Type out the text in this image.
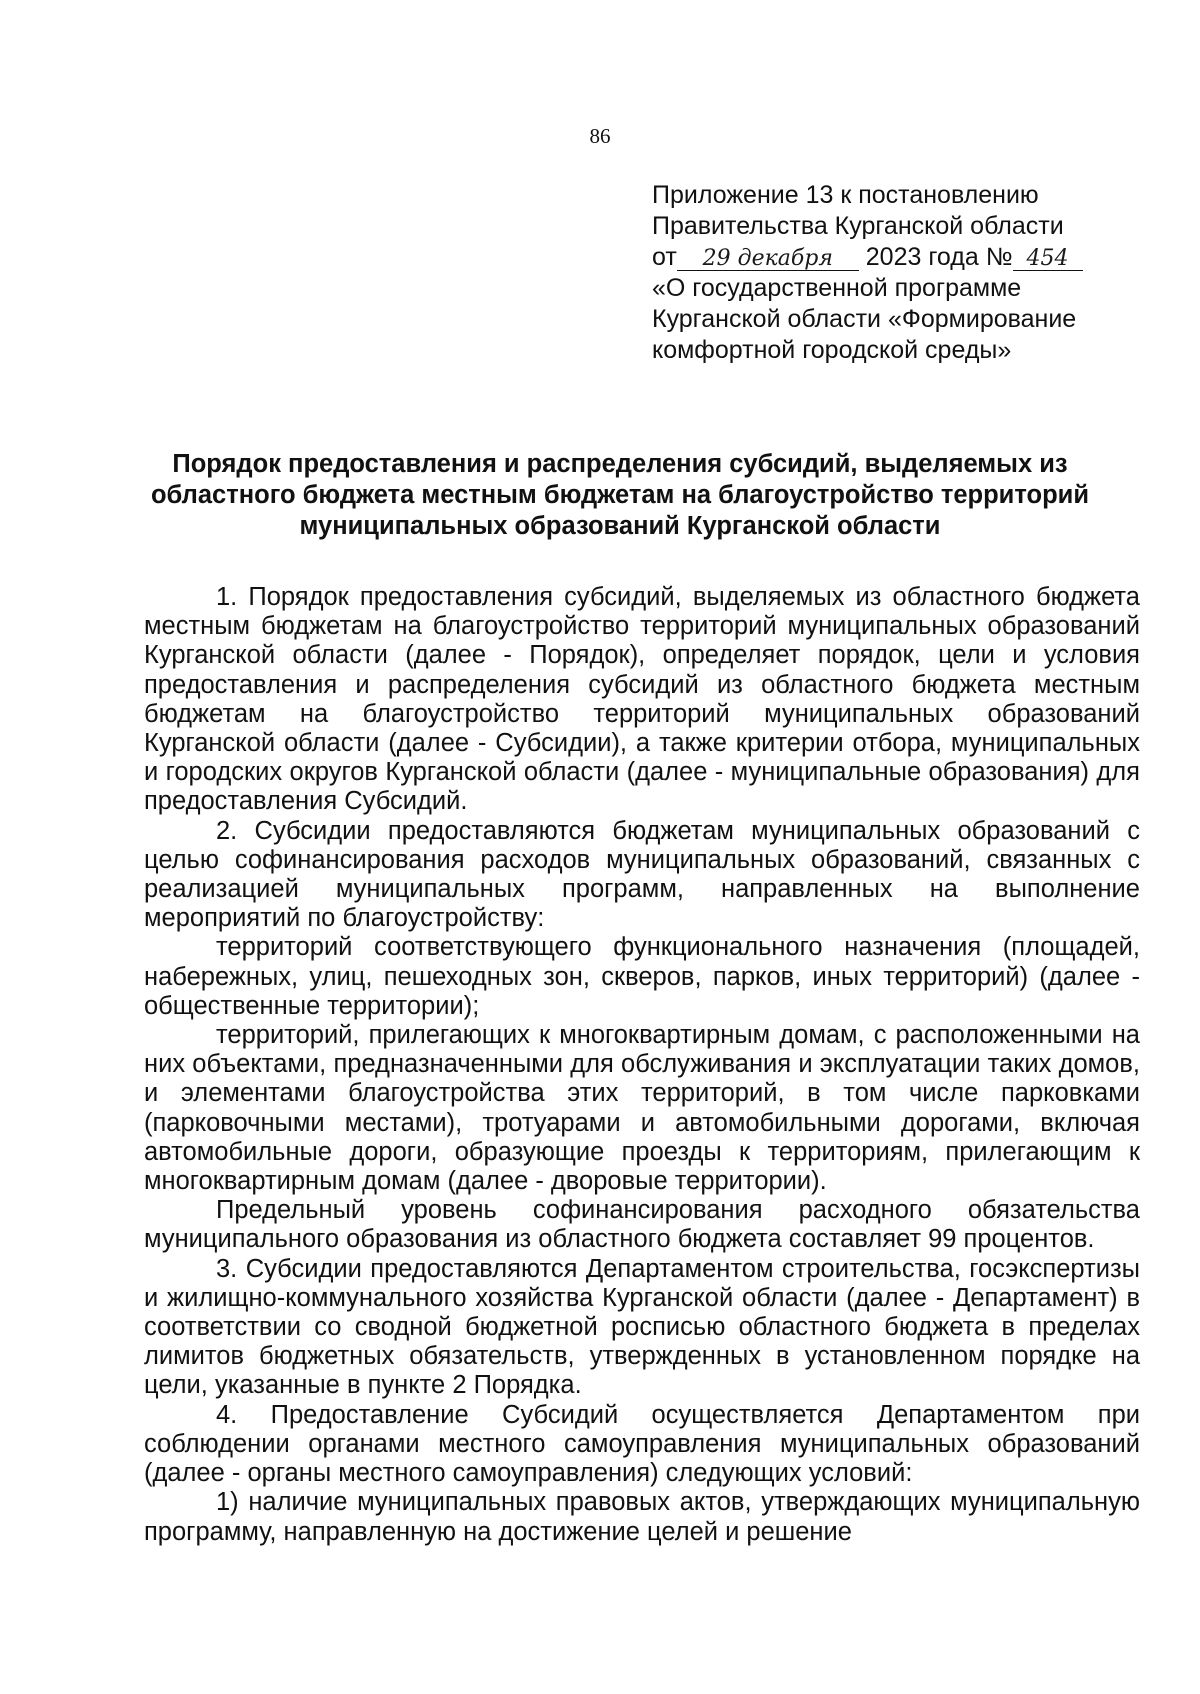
86
Приложение 13 к постановлению
Правительства Курганской области
от 29 декабря 2023 года № 454
«О государственной программе
Курганской области «Формирование
комфортной городской среды»
Порядок предоставления и распределения субсидий, выделяемых из областного бюджета местным бюджетам на благоустройство территорий муниципальных образований Курганской области

1. Порядок предоставления субсидий, выделяемых из областного бюджета местным бюджетам на благоустройство территорий муниципальных образований Курганской области (далее - Порядок), определяет порядок, цели и условия предоставления и распределения субсидий из областного бюджета местным бюджетам на благоустройство территорий муниципальных образований Курганской области (далее - Субсидии), а также критерии отбора, муниципальных и городских округов Курганской области (далее - муниципальные образования) для предоставления Субсидий.

2. Субсидии предоставляются бюджетам муниципальных образований с целью софинансирования расходов муниципальных образований, связанных с реализацией муниципальных программ, направленных на выполнение мероприятий по благоустройству:

территорий соответствующего функционального назначения (площадей, набережных, улиц, пешеходных зон, скверов, парков, иных территорий) (далее - общественные территории);

территорий, прилегающих к многоквартирным домам, с расположенными на них объектами, предназначенными для обслуживания и эксплуатации таких домов, и элементами благоустройства этих территорий, в том числе парковками (парковочными местами), тротуарами и автомобильными дорогами, включая автомобильные дороги, образующие проезды к территориям, прилегающим к многоквартирным домам (далее - дворовые территории).

Предельный уровень софинансирования расходного обязательства муниципального образования из областного бюджета составляет 99 процентов.

3. Субсидии предоставляются Департаментом строительства, госэкспертизы и жилищно-коммунального хозяйства Курганской области (далее - Департамент) в соответствии со сводной бюджетной росписью областного бюджета в пределах лимитов бюджетных обязательств, утвержденных в установленном порядке на цели, указанные в пункте 2 Порядка.

4. Предоставление Субсидий осуществляется Департаментом при соблюдении органами местного самоуправления муниципальных образований (далее - органы местного самоуправления) следующих условий:

1) наличие муниципальных правовых актов, утверждающих муниципальную программу, направленную на достижение целей и решение
